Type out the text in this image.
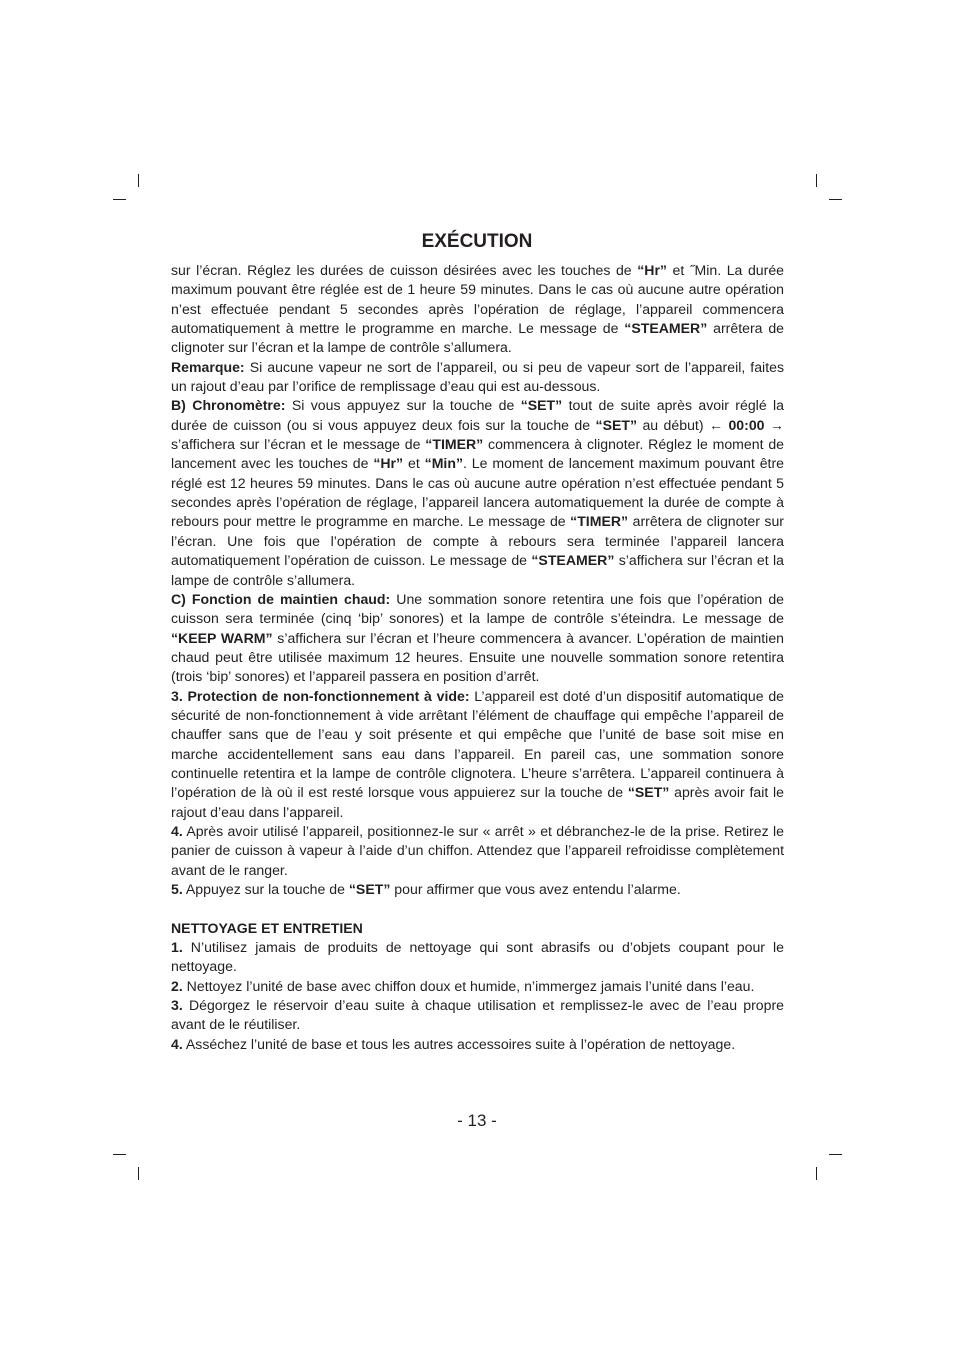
EXÉCUTION

sur l’écran. Réglez les durées de cuisson désirées avec les touches de “Hr” et ˝Min. La durée maximum pouvant être réglée est de 1 heure 59 minutes. Dans le cas où aucune autre opération n’est effectuée pendant 5 secondes après l’opération de réglage, l’appareil commencera automatiquement à mettre le programme en marche. Le message de “STEAMER” arrêtera de clignoter sur l’écran et la lampe de contrôle s’allumera.

Remarque: Si aucune vapeur ne sort de l’appareil, ou si peu de vapeur sort de l’appareil, faites un rajout d’eau par l’orifice de remplissage d’eau qui est au-dessous.

B) Chronomètre: Si vous appuyez sur la touche de “SET” tout de suite après avoir réglé la durée de cuisson (ou si vous appuyez deux fois sur la touche de “SET” au début) ← 00:00 → s’affichera sur l’écran et le message de “TIMER” commencera à clignoter. Réglez le moment de lancement avec les touches de “Hr” et “Min”. Le moment de lancement maximum pouvant être réglé est 12 heures 59 minutes. Dans le cas où aucune autre opération n’est effectuée pendant 5 secondes après l’opération de réglage, l’appareil lancera automatiquement la durée de compte à rebours pour mettre le programme en marche. Le message de “TIMER” arrêtera de clignoter sur l’écran. Une fois que l’opération de compte à rebours sera terminée l’appareil lancera automatiquement l’opération de cuisson. Le message de “STEAMER” s’affichera sur l’écran et la lampe de contrôle s’allumera.

C) Fonction de maintien chaud: Une sommation sonore retentira une fois que l’opération de cuisson sera terminée (cinq ‘bip’ sonores) et la lampe de contrôle s’éteindra. Le message de “KEEP WARM” s’affichera sur l’écran et l’heure commencera à avancer. L’opération de maintien chaud peut être utilisée maximum 12 heures. Ensuite une nouvelle sommation sonore retentira (trois ‘bip’ sonores) et l’appareil passera en position d’arrêt.

3. Protection de non-fonctionnement à vide: L’appareil est doté d’un dispositif automatique de sécurité de non-fonctionnement à vide arrêtant l’élément de chauffage qui empêche l’appareil de chauffer sans que de l’eau y soit présente et qui empêche que l’unité de base soit mise en marche accidentellement sans eau dans l’appareil. En pareil cas, une sommation sonore continuelle retentira et la lampe de contrôle clignotera. L’heure s’arrêtera. L’appareil continuera à l’opération de là où il est resté lorsque vous appuierez sur la touche de “SET” après avoir fait le rajout d’eau dans l’appareil.

4. Après avoir utilisé l’appareil, positionnez-le sur « arrêt » et débranchez-le de la prise. Retirez le panier de cuisson à vapeur à l’aide d’un chiffon. Attendez que l’appareil refroidisse complètement avant de le ranger.

5. Appuyez sur la touche de “SET” pour affirmer que vous avez entendu l’alarme.

NETTOYAGE ET ENTRETIEN

1. N’utilisez jamais de produits de nettoyage qui sont abrasifs ou d’objets coupant pour le nettoyage.

2. Nettoyez l’unité de base avec chiffon doux et humide, n’immergez jamais l’unité dans l’eau.

3. Dégorgez le réservoir d’eau suite à chaque utilisation et remplissez-le avec de l’eau propre avant de le réutiliser.

4. Asséchez l’unité de base et tous les autres accessoires suite à l’opération de nettoyage.

- 13 -
